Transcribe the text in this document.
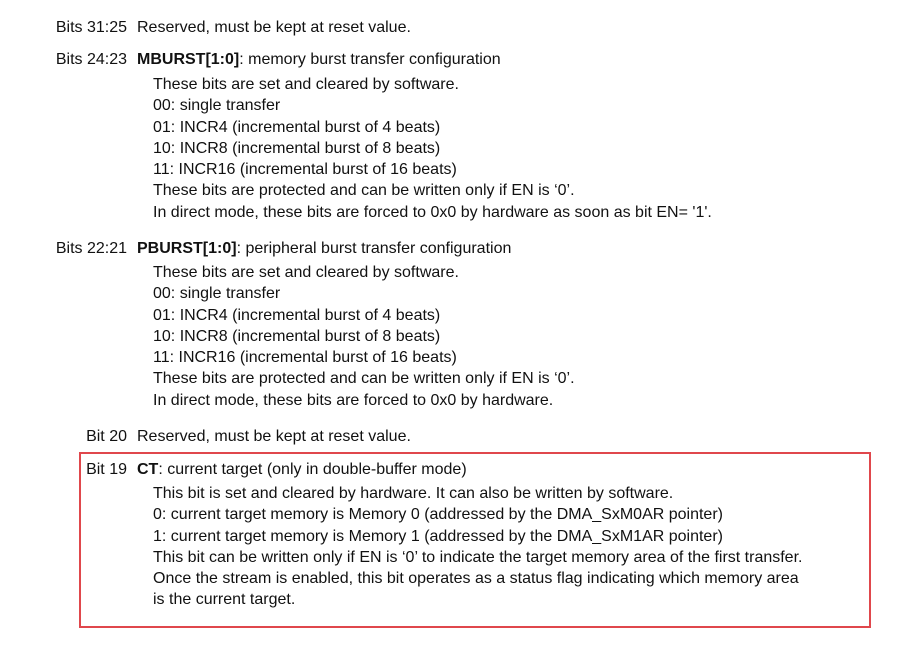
Bits 31:25 Reserved, must be kept at reset value.
Bits 24:23 MBURST[1:0]: memory burst transfer configuration
These bits are set and cleared by software.
00: single transfer
01: INCR4 (incremental burst of 4 beats)
10: INCR8 (incremental burst of 8 beats)
11: INCR16 (incremental burst of 16 beats)
These bits are protected and can be written only if EN is ‘0’.
In direct mode, these bits are forced to 0x0 by hardware as soon as bit EN= '1'.
Bits 22:21 PBURST[1:0]: peripheral burst transfer configuration
These bits are set and cleared by software.
00: single transfer
01: INCR4 (incremental burst of 4 beats)
10: INCR8 (incremental burst of 8 beats)
11: INCR16 (incremental burst of 16 beats)
These bits are protected and can be written only if EN is ‘0’.
In direct mode, these bits are forced to 0x0 by hardware.
Bit 20 Reserved, must be kept at reset value.
Bit 19 CT: current target (only in double-buffer mode)
This bit is set and cleared by hardware. It can also be written by software.
0: current target memory is Memory 0 (addressed by the DMA_SxM0AR pointer)
1: current target memory is Memory 1 (addressed by the DMA_SxM1AR pointer)
This bit can be written only if EN is ‘0’ to indicate the target memory area of the first transfer.
Once the stream is enabled, this bit operates as a status flag indicating which memory area
is the current target.
